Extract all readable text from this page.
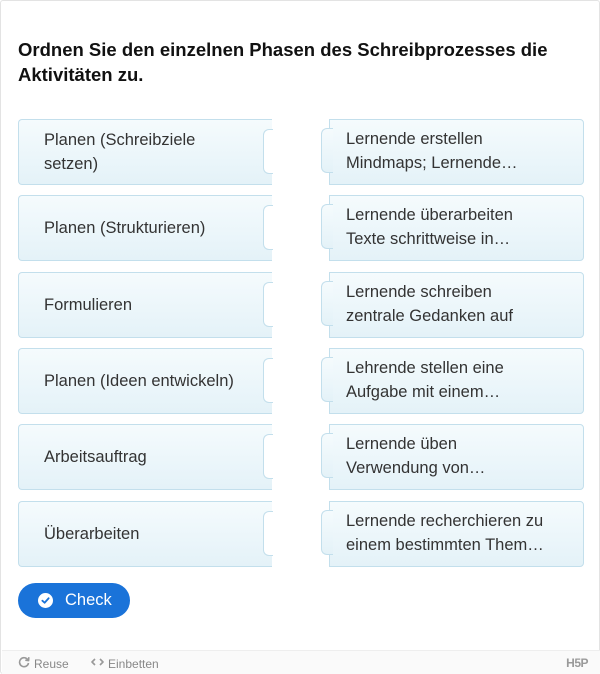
Ordnen Sie den einzelnen Phasen des Schreibprozesses die Aktivitäten zu.
Planen (Schreibziele setzen)
Lernende erstellen
Mindmaps; Lernende…
Planen (Strukturieren)
Lernende überarbeiten
Texte schrittweise in…
Formulieren
Lernende schreiben
zentrale Gedanken auf
Planen (Ideen entwickeln)
Lehrende stellen eine
Aufgabe mit einem…
Arbeitsauftrag
Lernende üben
Verwendung von…
Überarbeiten
Lernende recherchieren zu
einem bestimmten Them…
Check
Reuse	Einbetten	H5P
